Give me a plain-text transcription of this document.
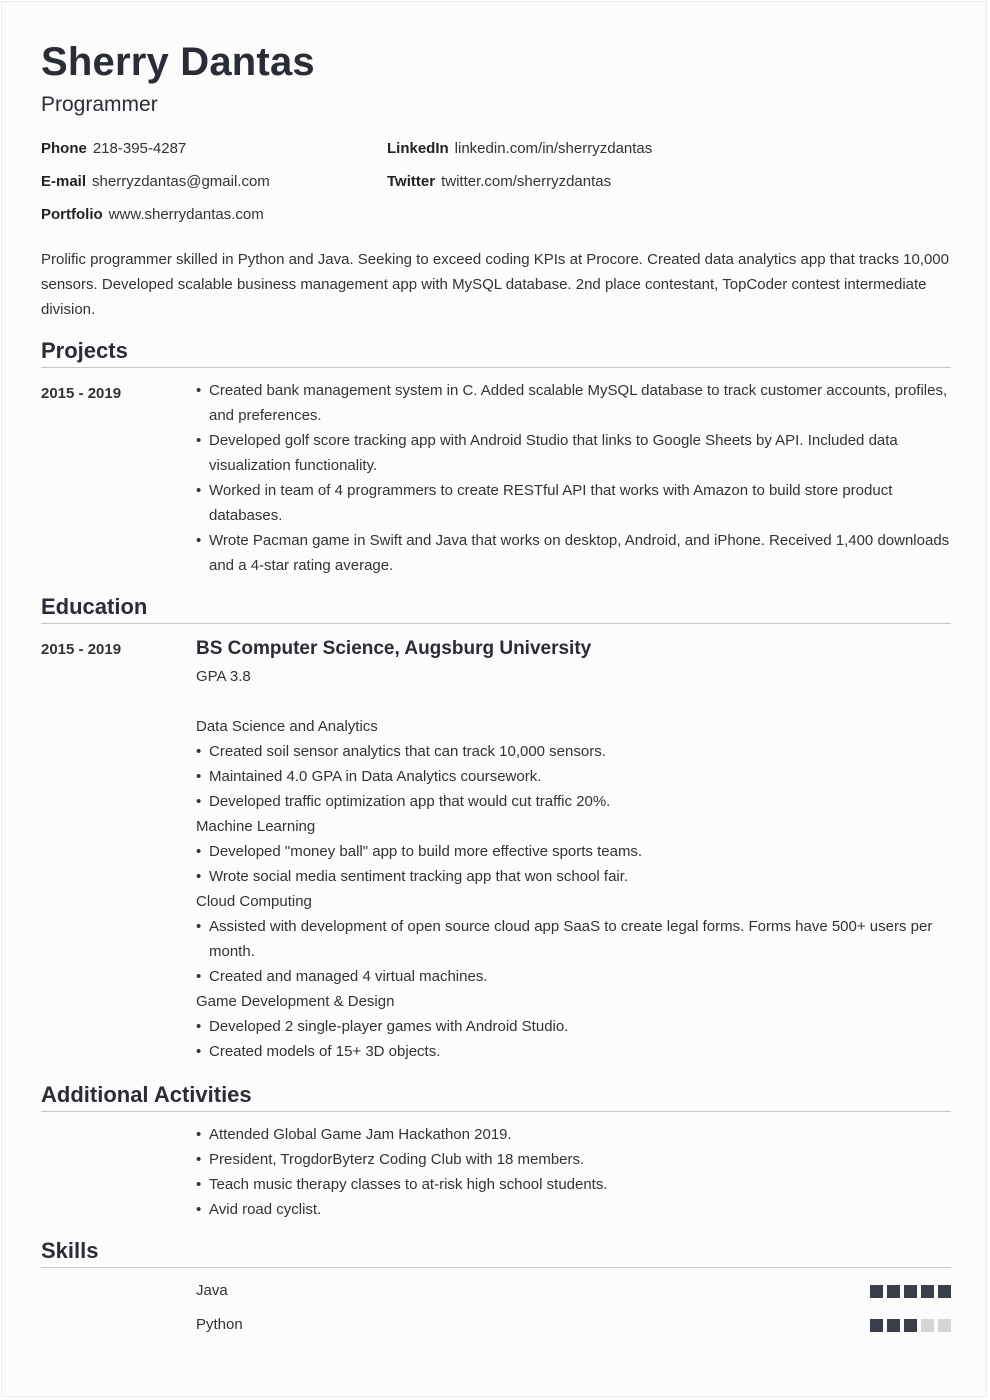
Sherry Dantas
Programmer
Phone 218-395-4287
E-mail sherryzdantas@gmail.com
Portfolio www.sherrydantas.com
LinkedIn linkedin.com/in/sherryzdantas
Twitter twitter.com/sherryzdantas
Prolific programmer skilled in Python and Java. Seeking to exceed coding KPIs at Procore. Created data analytics app that tracks 10,000 sensors. Developed scalable business management app with MySQL database. 2nd place contestant, TopCoder contest intermediate division.
Projects
2015 - 2019	• Created bank management system in C. Added scalable MySQL database to track customer accounts, profiles, and preferences.
• Developed golf score tracking app with Android Studio that links to Google Sheets by API. Included data visualization functionality.
• Worked in team of 4 programmers to create RESTful API that works with Amazon to build store product databases.
• Wrote Pacman game in Swift and Java that works on desktop, Android, and iPhone. Received 1,400 downloads and a 4-star rating average.
Education
2015 - 2019	BS Computer Science, Augsburg University
GPA 3.8
Data Science and Analytics
• Created soil sensor analytics that can track 10,000 sensors.
• Maintained 4.0 GPA in Data Analytics coursework.
• Developed traffic optimization app that would cut traffic 20%.
Machine Learning
• Developed "money ball" app to build more effective sports teams.
• Wrote social media sentiment tracking app that won school fair.
Cloud Computing
• Assisted with development of open source cloud app SaaS to create legal forms. Forms have 500+ users per month.
• Created and managed 4 virtual machines.
Game Development & Design
• Developed 2 single-player games with Android Studio.
• Created models of 15+ 3D objects.
Additional Activities
• Attended Global Game Jam Hackathon 2019.
• President, TrogdorByterz Coding Club with 18 members.
• Teach music therapy classes to at-risk high school students.
• Avid road cyclist.
Skills
Java
Python
